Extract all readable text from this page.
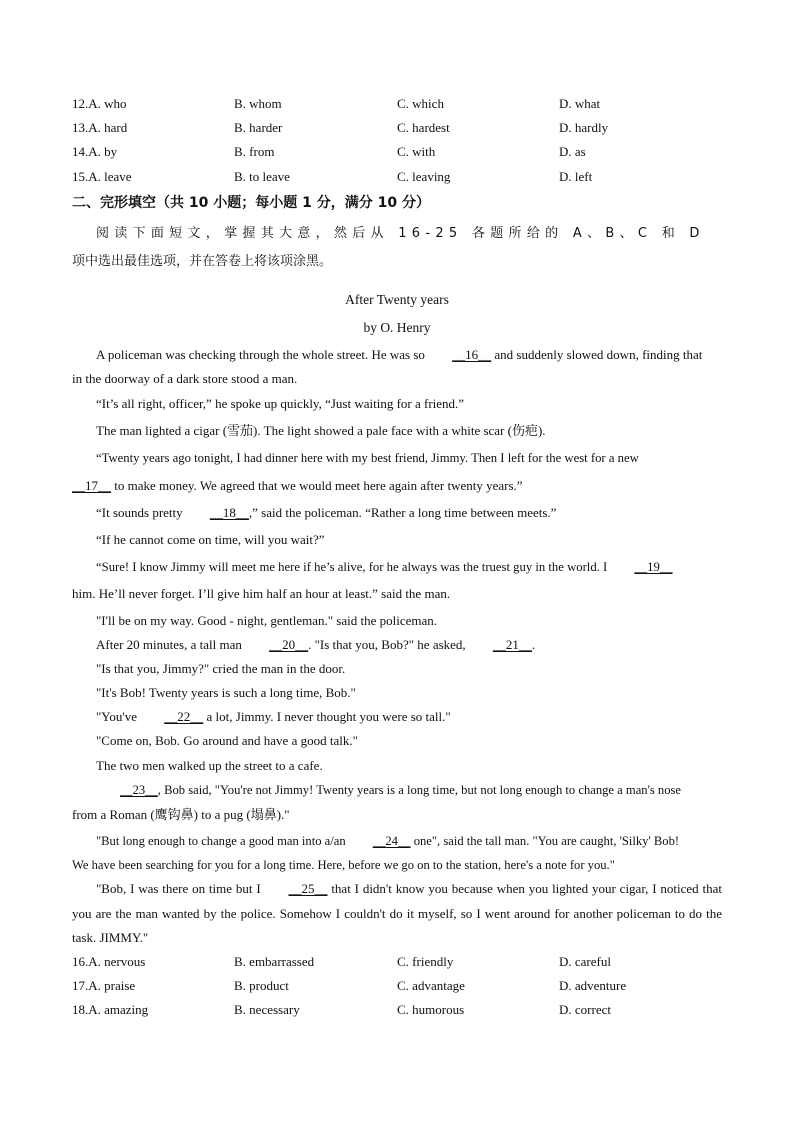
12.A. who	B. whom	C. which	D. what
13.A. hard	B. harder	C. hardest	D. hardly
14.A. by	B. from	C. with	D. as
15.A. leave	B. to leave	C. leaving	D. left
二、完形填空（共 10 小题；每小题 1 分，满分 10 分）
阅读下面短文，掌握其大意，然后从 16-25 各题所给的 A、B、C 和 D
项中选出最佳选项，并在答卷上将该项涂黑。
After Twenty years
by O. Henry
A policeman was checking through the whole street. He was so __16__ and suddenly slowed down, finding that
in the doorway of a dark store stood a man.
“It’s all right, officer,” he spoke up quickly, “Just waiting for a friend.”
The man lighted a cigar (雪茄). The light showed a pale face with a white scar (伤疤).
“Twenty years ago tonight, I had dinner here with my best friend, Jimmy. Then I left for the west for a new
__17__ to make money. We agreed that we would meet here again after twenty years.”
“It sounds pretty __18__,” said the policeman. “Rather a long time between meets.”
“If he cannot come on time, will you wait?”
“Sure! I know Jimmy will meet me here if he’s alive, for he always was the truest guy in the world. I __19__
him. He’ll never forget. I’ll give him half an hour at least.” said the man.
"I'll be on my way. Good - night, gentleman." said the policeman.
After 20 minutes, a tall man __20__. "Is that you, Bob?" he asked, __21__.
"Is that you, Jimmy?" cried the man in the door.
"It's Bob! Twenty years is such a long time, Bob."
"You've __22__ a lot, Jimmy. I never thought you were so tall."
"Come on, Bob. Go around and have a good talk."
The two men walked up the street to a cafe.
__23__, Bob said, "You're not Jimmy! Twenty years is a long time, but not long enough to change a man's nose
from a Roman (鹰钩鼻) to a pug (塌鼻)."
"But long enough to change a good man into a/an __24__ one", said the tall man. "You are caught, 'Silky' Bob!
We have been searching for you for a long time. Here, before we go on to the station, here's a note for you."
"Bob, I was there on time but I __25__ that I didn't know you because when you lighted your cigar, I noticed that you are the man wanted by the police. Somehow I couldn't do it myself, so I went around for another policeman to do the task. JIMMY."
16.A. nervous	B. embarrassed	C. friendly	D. careful
17.A. praise	B. product	C. advantage	D. adventure
18.A. amazing	B. necessary	C. humorous	D. correct
